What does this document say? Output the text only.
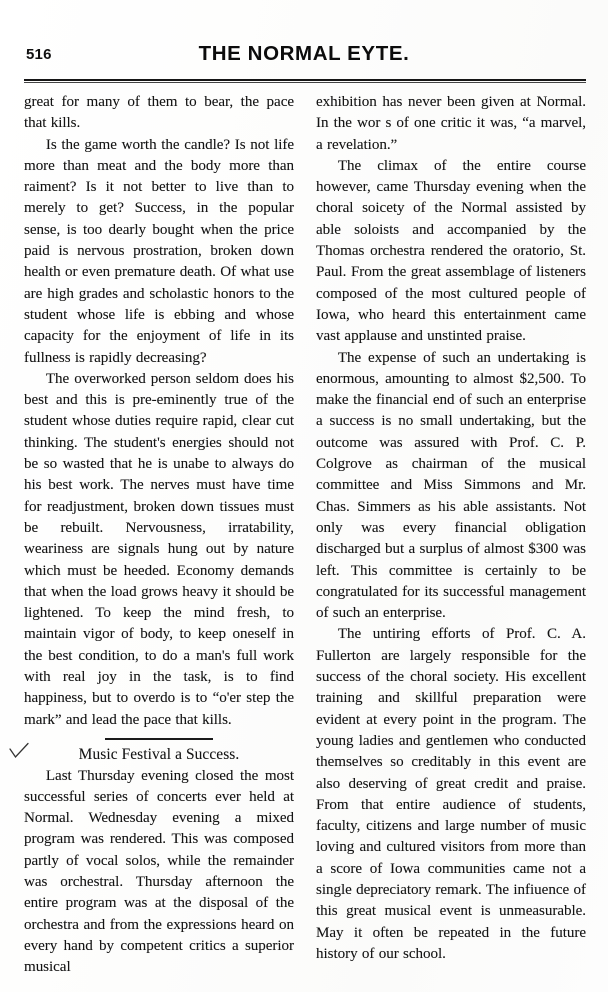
516	THE NORMAL EYTE.

great for many of them to bear, the pace that kills.

Is the game worth the candle? Is not life more than meat and the body more than raiment? Is it not better to live than to merely to get? Success, in the popular sense, is too dearly bought when the price paid is nervous prostration, broken down health or even premature death. Of what use are high grades and scholastic honors to the student whose life is ebbing and whose capacity for the enjoyment of life in its fullness is rapidly decreasing?

The overworked person seldom does his best and this is pre-eminently true of the student whose duties require rapid, clear cut thinking. The student's energies should not be so wasted that he is unabe to always do his best work. The nerves must have time for readjustment, broken down tissues must be rebuilt. Nervousness, irratability, weariness are signals hung out by nature which must be heeded. Economy demands that when the load grows heavy it should be lightened. To keep the mind fresh, to maintain vigor of body, to keep oneself in the best condition, to do a man's full work with real joy in the task, is to find happiness, but to overdo is to “o'er step the mark” and lead the pace that kills.

Music Festival a Success.

Last Thursday evening closed the most successful series of concerts ever held at Normal. Wednesday evening a mixed program was rendered. This was composed partly of vocal solos, while the remainder was orchestral. Thursday afternoon the entire program was at the disposal of the orchestra and from the expressions heard on every hand by competent critics a superior musical

exhibition has never been given at Normal. In the wor s of one critic it was, “a marvel, a revelation.”

The climax of the entire course however, came Thursday evening when the choral soicety of the Normal assisted by able soloists and accompanied by the Thomas orchestra rendered the oratorio, St. Paul. From the great assemblage of listeners composed of the most cultured people of Iowa, who heard this entertainment came vast applause and unstinted praise.

The expense of such an undertaking is enormous, amounting to almost $2,500. To make the financial end of such an enterprise a success is no small undertaking, but the outcome was assured with Prof. C. P. Colgrove as chairman of the musical committee and Miss Simmons and Mr. Chas. Simmers as his able assistants. Not only was every financial obligation discharged but a surplus of almost $300 was left. This committee is certainly to be congratulated for its successful management of such an enterprise.

The untiring efforts of Prof. C. A. Fullerton are largely responsible for the success of the choral society. His excellent training and skillful preparation were evident at every point in the program. The young ladies and gentlemen who conducted themselves so creditably in this event are also deserving of great credit and praise. From that entire audience of students, faculty, citizens and large number of music loving and cultured visitors from more than a score of Iowa communities came not a single depreciatory remark. The infiuence of this great musical event is unmeasurable. May it often be repeated in the future history of our school.
